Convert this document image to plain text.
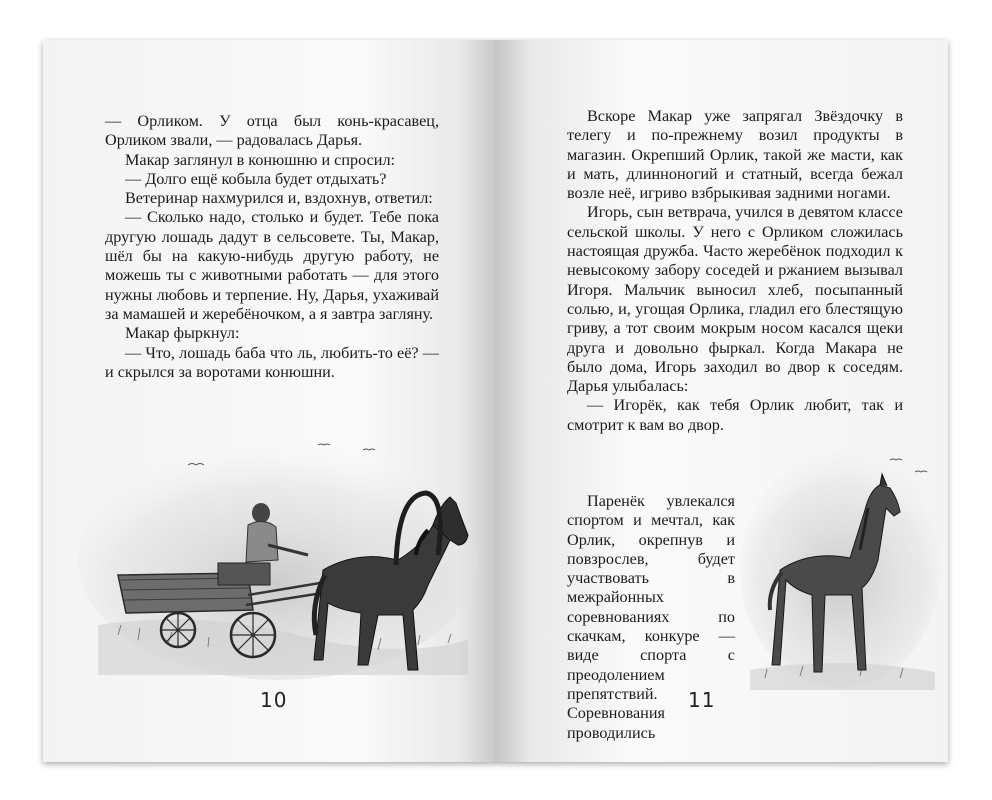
— Орликом. У отца был конь-красавец, Орликом звали, — радовалась Дарья.

Макар заглянул в конюшню и спросил:

— Долго ещё кобыла будет отдыхать?

Ветеринар нахмурился и, вздохнув, ответил:

— Сколько надо, столько и будет. Тебе пока другую лошадь дадут в сельсовете. Ты, Макар, шёл бы на какую-нибудь другую работу, не можешь ты с животными работать — для этого нужны любовь и терпение. Ну, Дарья, ухаживай за мамашей и жеребёночком, а я завтра загляну.

Макар фыркнул:

— Что, лошадь баба что ль, любить-то её? — и скрылся за воротами конюшни.

10

Вскоре Макар уже запрягал Звёздочку в телегу и по-прежнему возил продукты в магазин. Окрепший Орлик, такой же масти, как и мать, длинноногий и статный, всегда бежал возле неё, игриво взбрыкивая задними ногами.

Игорь, сын ветврача, учился в девятом классе сельской школы. У него с Орликом сложилась настоящая дружба. Часто жеребёнок подходил к невысокому забору соседей и ржанием вызывал Игоря. Мальчик выносил хлеб, посыпанный солью, и, угощая Орлика, гладил его блестящую гриву, а тот своим мокрым носом касался щеки друга и довольно фыркал. Когда Макара не было дома, Игорь заходил во двор к соседям. Дарья улыбалась:

— Игорёк, как тебя Орлик любит, так и смотрит к вам во двор.

Паренёк увлекался спортом и мечтал, как Орлик, окрепнув и повзрослев, будет участвовать в межрайонных соревнованиях по скачкам, конкуре — виде спорта с преодолением препятствий. Соревнования проводились

11
